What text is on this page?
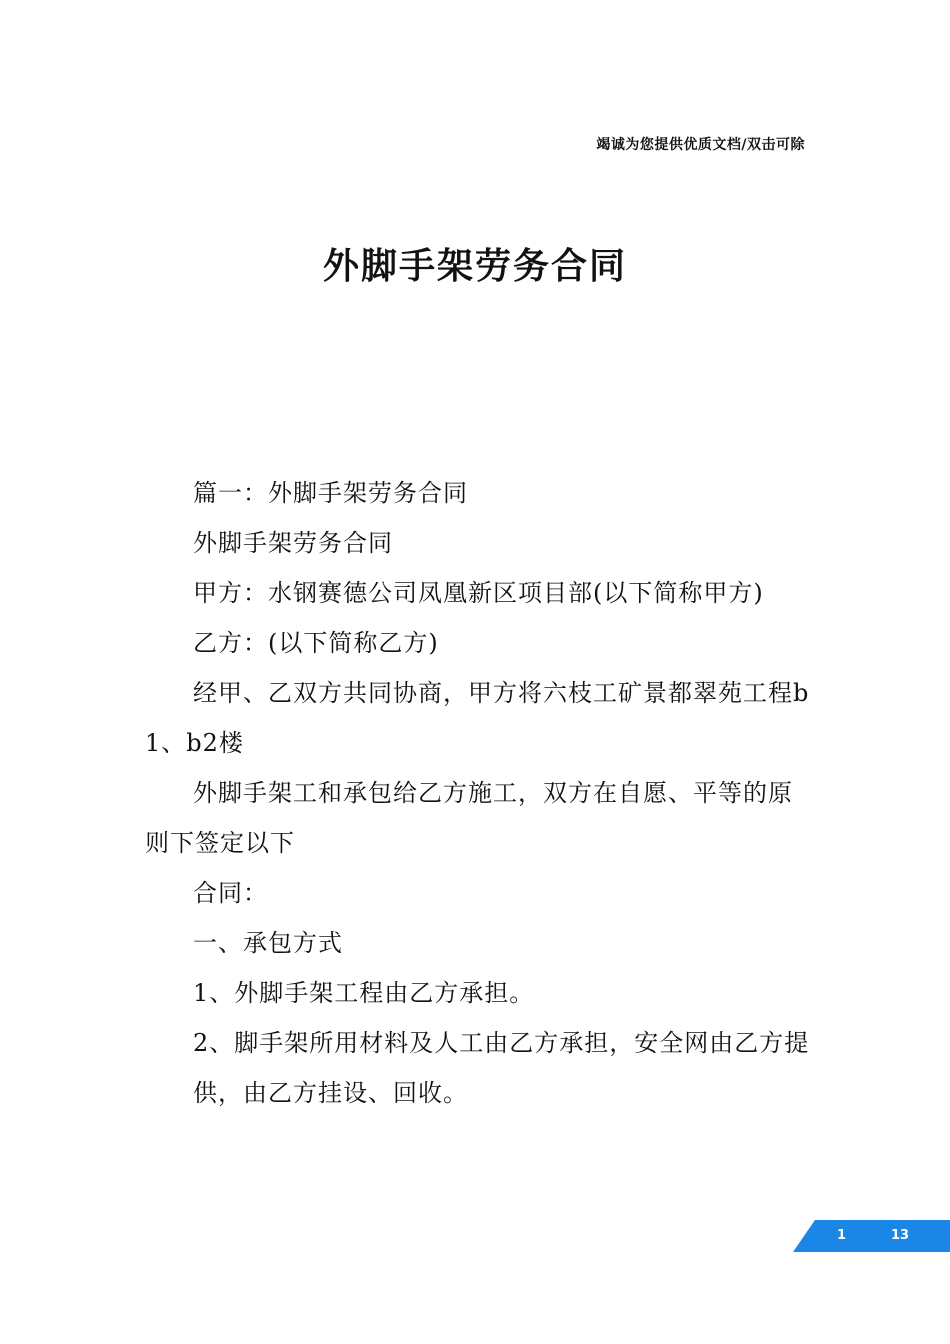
竭诚为您提供优质文档/双击可除
外脚手架劳务合同

篇一：外脚手架劳务合同

外脚手架劳务合同

甲方：水钢赛德公司凤凰新区项目部(以下简称甲方)

乙方：(以下简称乙方)

经甲、乙双方共同协商，甲方将六枝工矿景都翠苑工程b1、b2楼

外脚手架工和承包给乙方施工，双方在自愿、平等的原则下签定以下

合同：

一、承包方式

1、外脚手架工程由乙方承担。

2、脚手架所用材料及人工由乙方承担，安全网由乙方提

供，由乙方挂设、回收。

1	13
